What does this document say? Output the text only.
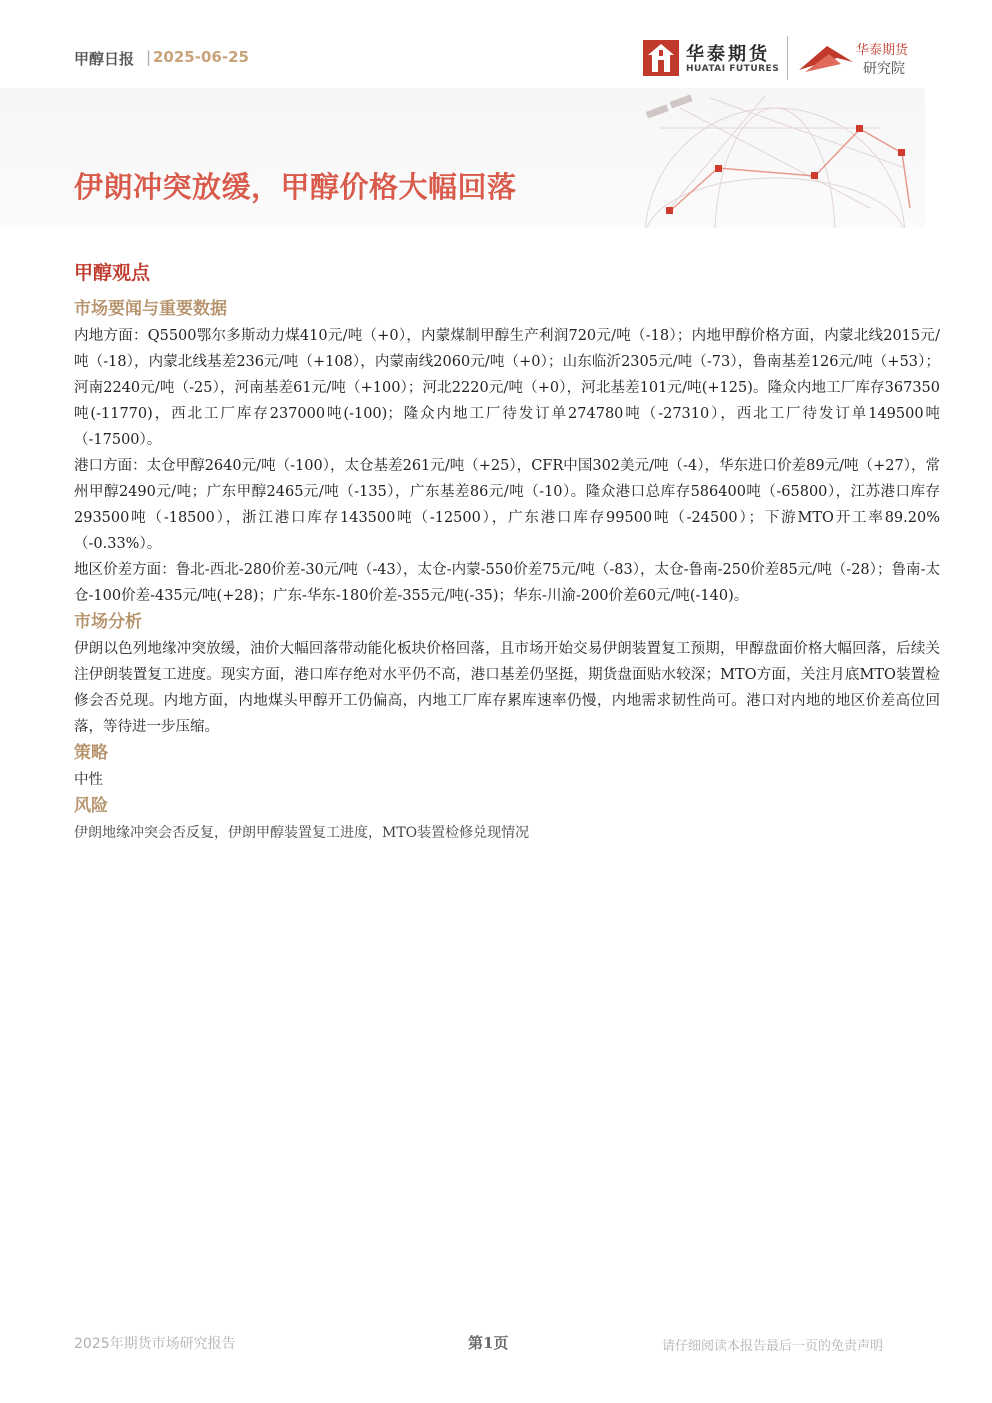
甲醇日报 | 2025-06-25	华泰期货
HUATAI FUTURES
华泰期货
研究院
伊朗冲突放缓，甲醇价格大幅回落
甲醇观点
市场要闻与重要数据

内地方面：Q5500鄂尔多斯动力煤410元/吨（+0），内蒙煤制甲醇生产利润720元/吨（-18）；内地甲醇价格方面，内蒙北线2015元/吨（-18），内蒙北线基差236元/吨（+108），内蒙南线2060元/吨（+0）；山东临沂2305元/吨（-73），鲁南基差126元/吨（+53）；河南2240元/吨（-25），河南基差61元/吨（+100）；河北2220元/吨（+0），河北基差101元/吨(+125)。隆众内地工厂库存367350吨(-11770)，西北工厂库存237000吨(-100)；隆众内地工厂待发订单274780吨（-27310），西北工厂待发订单149500吨（-17500）。

港口方面：太仓甲醇2640元/吨（-100），太仓基差261元/吨（+25），CFR中国302美元/吨（-4），华东进口价差89元/吨（+27），常州甲醇2490元/吨；广东甲醇2465元/吨（-135），广东基差86元/吨（-10）。隆众港口总库存586400吨（-65800），江苏港口库存293500吨（-18500），浙江港口库存143500吨（-12500），广东港口库存99500吨（-24500）；下游MTO开工率89.20%（-0.33%）。

地区价差方面：鲁北-西北-280价差-30元/吨（-43），太仓-内蒙-550价差75元/吨（-83），太仓-鲁南-250价差85元/吨（-28）；鲁南-太仓-100价差-435元/吨(+28)；广东-华东-180价差-355元/吨(-35)；华东-川渝-200价差60元/吨(-140)。

市场分析

伊朗以色列地缘冲突放缓，油价大幅回落带动能化板块价格回落，且市场开始交易伊朗装置复工预期，甲醇盘面价格大幅回落，后续关注伊朗装置复工进度。现实方面，港口库存绝对水平仍不高，港口基差仍坚挺，期货盘面贴水较深；MTO方面，关注月底MTO装置检修会否兑现。内地方面，内地煤头甲醇开工仍偏高，内地工厂库存累库速率仍慢，内地需求韧性尚可。港口对内地的地区价差高位回落，等待进一步压缩。

策略

中性

风险

伊朗地缘冲突会否反复，伊朗甲醇装置复工进度，MTO装置检修兑现情况

2025年期货市场研究报告	第1页	请仔细阅读本报告最后一页的免责声明
